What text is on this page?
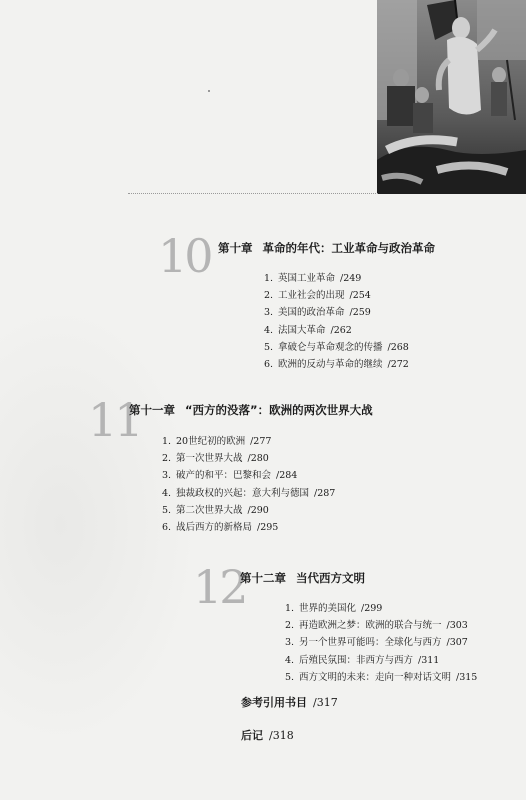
10 第十章 革命的年代：工业革命与政治革命
1. 英国工业革命 /249
2. 工业社会的出现 /254
3. 美国的政治革命 /259
4. 法国大革命 /262
5. 拿破仑与革命观念的传播 /268
6. 欧洲的反动与革命的继续 /272
11
第十一章 “西方的没落”：欧洲的两次世界大战
1. 20世纪初的欧洲 /277
2. 第一次世界大战 /280
3. 破产的和平：巴黎和会 /284
4. 独裁政权的兴起：意大利与德国 /287
5. 第二次世界大战 /290
6. 战后西方的新格局 /295
12
第十二章 当代西方文明
1. 世界的美国化 /299
2. 再造欧洲之梦：欧洲的联合与统一 /303
3. 另一个世界可能吗：全球化与西方 /307
4. 后殖民氛围：非西方与西方 /311
5. 西方文明的未来：走向一种对话文明 /315
参考引用书目 /317
后记 /318
